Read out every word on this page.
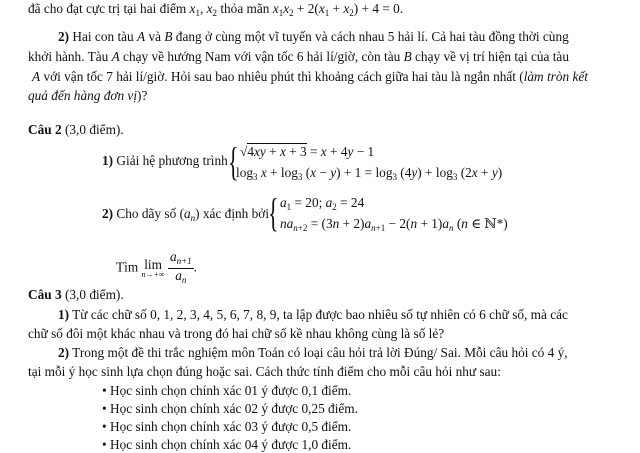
đã cho đạt cực trị tại hai điểm $x_1$, $x_2$ thỏa mãn $x_1x_2 + 2(x_1 + x_2) + 4 = 0$.
2) Hai con tàu A và B đang ở cùng một vĩ tuyến và cách nhau 5 hải lí. Cả hai tàu đồng thời cùng
khởi hành. Tàu A chạy về hướng Nam với vận tốc 6 hải lí/giờ, còn tàu B chạy về vị trí hiện tại của tàu
A với vận tốc 7 hải lí/giờ. Hỏi sau bao nhiêu phút thì khoảng cách giữa hai tàu là ngắn nhất (làm tròn kết
quả đến hàng đơn vị)?
Câu 2 (3,0 điểm).
1) Giải hệ phương trình { √4xy + x + 3 = x + 4y − 1
$\log_3 x + \log_3 (x - y) + 1 = \log_3 (4y) + \log_3 (2x + y)$
2) Cho dãy số $(a_n)$ xác định bởi
{ $a_1 = 20$; $a_2 = 24$
$na_{n+2} = (3n + 2)a_{n+1} - 2(n + 1)a_n$ (n ∈ ℕ*)
Tìm lim
n→+∞
$\frac{a_{n+1}}{a_n}$ .
Câu 3 (3,0 điểm).
1) Từ các chữ số 0, 1, 2, 3, 4, 5, 6, 7, 8, 9, ta lập được bao nhiêu số tự nhiên có 6 chữ số, mà các
chữ số đôi một khác nhau và trong đó hai chữ số kề nhau không cùng là số lẻ?
2) Trong một đề thi trắc nghiệm môn Toán có loại câu hỏi trả lời Đúng/ Sai. Mỗi câu hỏi có 4 ý,
tại mỗi ý học sinh lựa chọn đúng hoặc sai. Cách thức tính điểm cho mỗi câu hỏi như sau:
• Học sinh chọn chính xác 01 ý được 0,1 điểm.
• Học sinh chọn chính xác 02 ý được 0,25 điểm.
• Học sinh chọn chính xác 03 ý được 0,5 điểm.
• Học sinh chọn chính xác 04 ý được 1,0 điểm.
